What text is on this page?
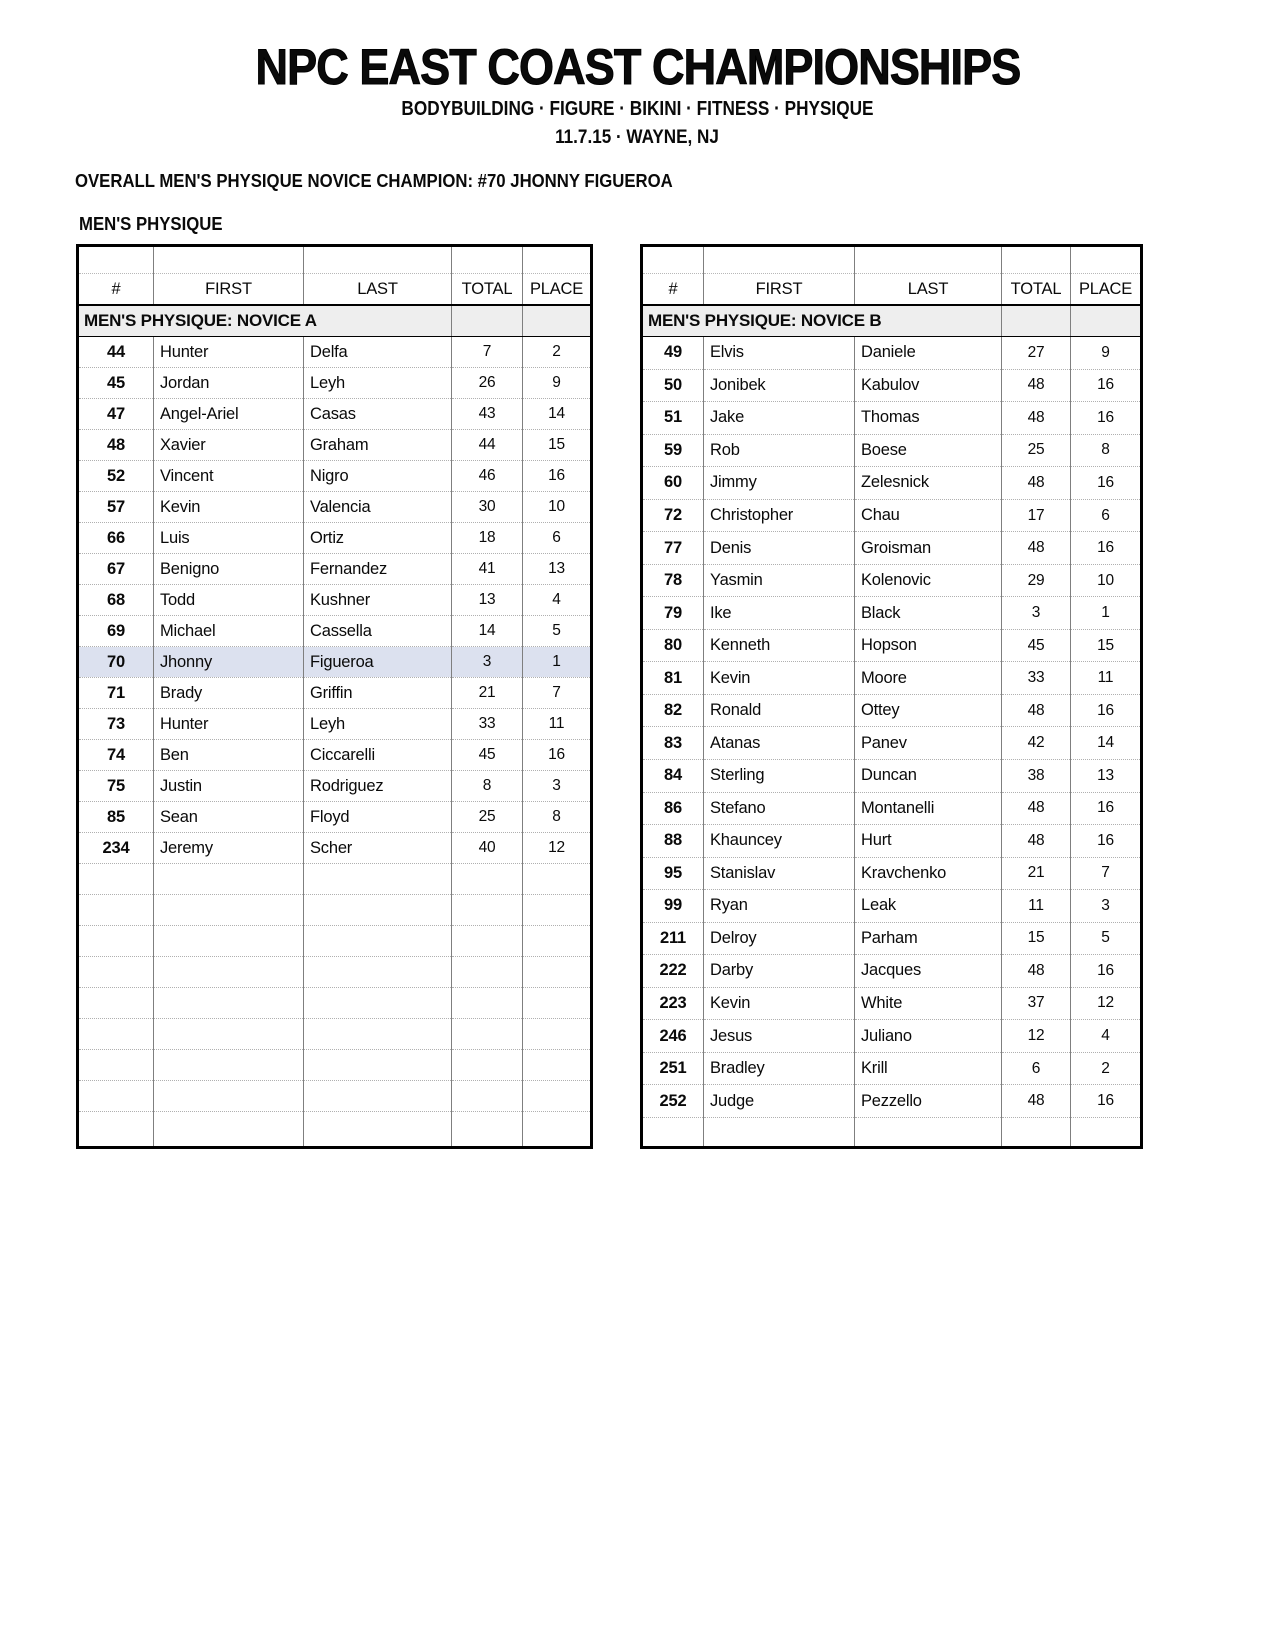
NPC EAST COAST CHAMPIONSHIPS
BODYBUILDING · FIGURE · BIKINI · FITNESS · PHYSIQUE
11.7.15 · WAYNE, NJ
OVERALL MEN'S PHYSIQUE NOVICE CHAMPION: #70 JHONNY FIGUEROA
MEN'S PHYSIQUE

#	FIRST	LAST	TOTAL	PLACE
MEN'S PHYSIQUE: NOVICE A				
44	Hunter	Delfa	7	2
45	Jordan	Leyh	26	9
47	Angel-Ariel	Casas	43	14
48	Xavier	Graham	44	15
52	Vincent	Nigro	46	16
57	Kevin	Valencia	30	10
66	Luis	Ortiz	18	6
67	Benigno	Fernandez	41	13
68	Todd	Kushner	13	4
69	Michael	Cassella	14	5
70	Jhonny	Figueroa	3	1
71	Brady	Griffin	21	7
73	Hunter	Leyh	33	11
74	Ben	Ciccarelli	45	16
75	Justin	Rodriguez	8	3
85	Sean	Floyd	25	8
234	Jeremy	Scher	40	12

#	FIRST	LAST	TOTAL	PLACE
MEN'S PHYSIQUE: NOVICE B				
49	Elvis	Daniele	27	9
50	Jonibek	Kabulov	48	16
51	Jake	Thomas	48	16
59	Rob	Boese	25	8
60	Jimmy	Zelesnick	48	16
72	Christopher	Chau	17	6
77	Denis	Groisman	48	16
78	Yasmin	Kolenovic	29	10
79	Ike	Black	3	1
80	Kenneth	Hopson	45	15
81	Kevin	Moore	33	11
82	Ronald	Ottey	48	16
83	Atanas	Panev	42	14
84	Sterling	Duncan	38	13
86	Stefano	Montanelli	48	16
88	Khauncey	Hurt	48	16
95	Stanislav	Kravchenko	21	7
99	Ryan	Leak	11	3
211	Delroy	Parham	15	5
222	Darby	Jacques	48	16
223	Kevin	White	37	12
246	Jesus	Juliano	12	4
251	Bradley	Krill	6	2
252	Judge	Pezzello	48	16
